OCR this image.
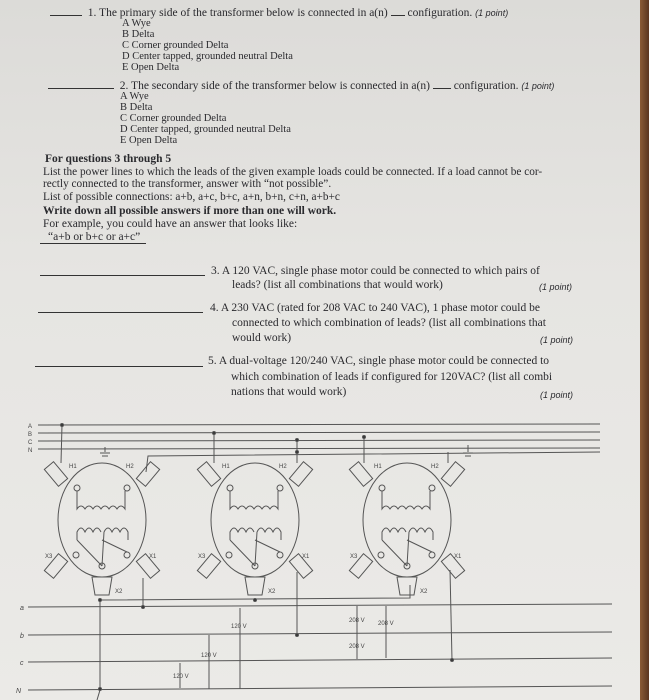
1. The primary side of the transformer below is connected in a(n) configuration. (1 point)
A Wye
B Delta
C Corner grounded Delta
D Center tapped, grounded neutral Delta
E Open Delta
2. The secondary side of the transformer below is connected in a(n) configuration. (1 point)
A Wye
B Delta
C Corner grounded Delta
D Center tapped, grounded neutral Delta
E Open Delta
For questions 3 through 5
List the power lines to which the leads of the given example loads could be connected. If a load cannot be cor-
rectly connected to the transformer, answer with “not possible”.
List of possible connections: a+b, a+c, b+c, a+n, b+n, c+n, a+b+c
Write down all possible answers if more than one will work.
For example, you could have an answer that looks like:
“a+b or b+c or a+c”
3. A 120 VAC, single phase motor could be connected to which pairs of
leads? (list all combinations that would work)	(1 point)
4. A 230 VAC (rated for 208 VAC to 240 VAC), 1 phase motor could be
connected to which combination of leads? (list all combinations that
would work)	(1 point)
5. A dual-voltage 120/240 VAC, single phase motor could be connected to
which combination of leads if configured for 120VAC? (list all combi
nations that would work)	(1 point)
A
B
C
N
a
b
c
N
H1	H2
X3	X1
X2
H1	H2
X3	X1
X2
H1	H2
X3	X1
X2
120 V
120 V
120 V
208 V
208 V
208 V
